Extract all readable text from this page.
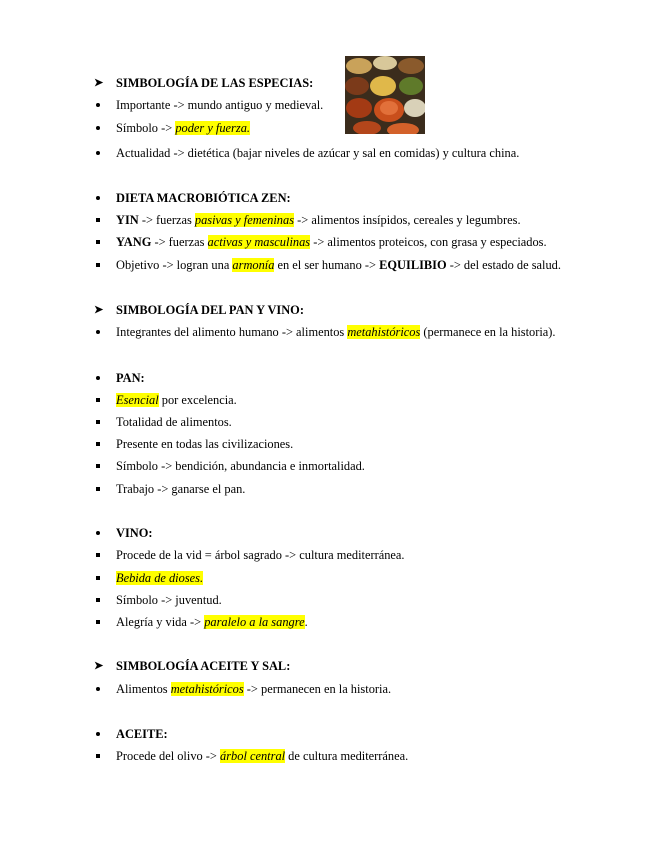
➤	SIMBOLOGÍA DE LAS ESPECIAS:
Importante -> mundo antiguo y medieval.
Símbolo -> poder y fuerza.
Actualidad -> dietética (bajar niveles de azúcar y sal en comidas) y cultura china.
DIETA MACROBIÓTICA ZEN:
YIN -> fuerzas pasivas y femeninas -> alimentos insípidos, cereales y legumbres.
YANG -> fuerzas activas y masculinas -> alimentos proteicos, con grasa y especiados.
Objetivo -> logran una armonía en el ser humano -> EQUILIBIO -> del estado de salud.
➤	SIMBOLOGÍA DEL PAN Y VINO:
Integrantes del alimento humano -> alimentos metahistóricos (permanece en la historia).
PAN:
Esencial por excelencia.
Totalidad de alimentos.
Presente en todas las civilizaciones.
Símbolo -> bendición, abundancia e inmortalidad.
Trabajo -> ganarse el pan.
VINO:
Procede de la vid = árbol sagrado -> cultura mediterránea.
Bebida de dioses.
Símbolo -> juventud.
Alegría y vida -> paralelo a la sangre.
➤	SIMBOLOGÍA ACEITE Y SAL:
Alimentos metahistóricos -> permanecen en la historia.
ACEITE:
Procede del olivo -> árbol central de cultura mediterránea.
